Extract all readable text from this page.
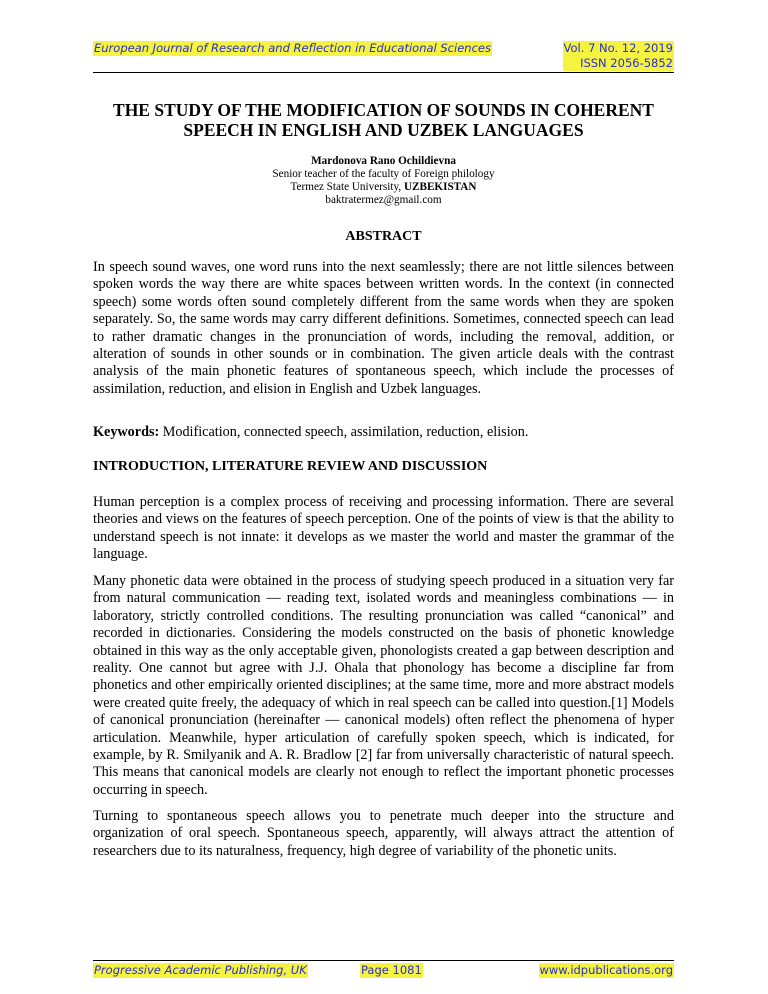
European Journal of Research and Reflection in Educational Sciences	Vol. 7 No. 12, 2019
ISSN 2056-5852
THE STUDY OF THE MODIFICATION OF SOUNDS IN COHERENT SPEECH IN ENGLISH AND UZBEK LANGUAGES
Mardonova Rano Ochildievna
Senior teacher of the faculty of Foreign philology
Termez State University, UZBEKISTAN
baktratermez@gmail.com
ABSTRACT

In speech sound waves, one word runs into the next seamlessly; there are not little silences between spoken words the way there are white spaces between written words. In the context (in connected speech) some words often sound completely different from the same words when they are spoken separately. So, the same words may carry different definitions. Sometimes, connected speech can lead to rather dramatic changes in the pronunciation of words, including the removal, addition, or alteration of sounds in other sounds or in combination. The given article deals with the contrast analysis of the main phonetic features of spontaneous speech, which include the processes of assimilation, reduction, and elision in English and Uzbek languages.

Keywords: Modification, connected speech, assimilation, reduction, elision.

INTRODUCTION, LITERATURE REVIEW AND DISCUSSION

Human perception is a complex process of receiving and processing information. There are several theories and views on the features of speech perception. One of the points of view is that the ability to understand speech is not innate: it develops as we master the world and master the grammar of the language.

Many phonetic data were obtained in the process of studying speech produced in a situation very far from natural communication — reading text, isolated words and meaningless combinations — in laboratory, strictly controlled conditions. The resulting pronunciation was called “canonical” and recorded in dictionaries. Considering the models constructed on the basis of phonetic knowledge obtained in this way as the only acceptable given, phonologists created a gap between description and reality. One cannot but agree with J.J. Ohala that phonology has become a discipline far from phonetics and other empirically oriented disciplines; at the same time, more and more abstract models were created quite freely, the adequacy of which in real speech can be called into question.[1] Models of canonical pronunciation (hereinafter — canonical models) often reflect the phenomena of hyper articulation. Meanwhile, hyper articulation of carefully spoken speech, which is indicated, for example, by R. Smilyanik and A. R. Bradlow [2] far from universally characteristic of natural speech. This means that canonical models are clearly not enough to reflect the important phonetic processes occurring in speech.

Turning to spontaneous speech allows you to penetrate much deeper into the structure and organization of oral speech. Spontaneous speech, apparently, will always attract the attention of researchers due to its naturalness, frequency, high degree of variability of the phonetic units.

Progressive Academic Publishing, UK	Page 1081	www.idpublications.org
